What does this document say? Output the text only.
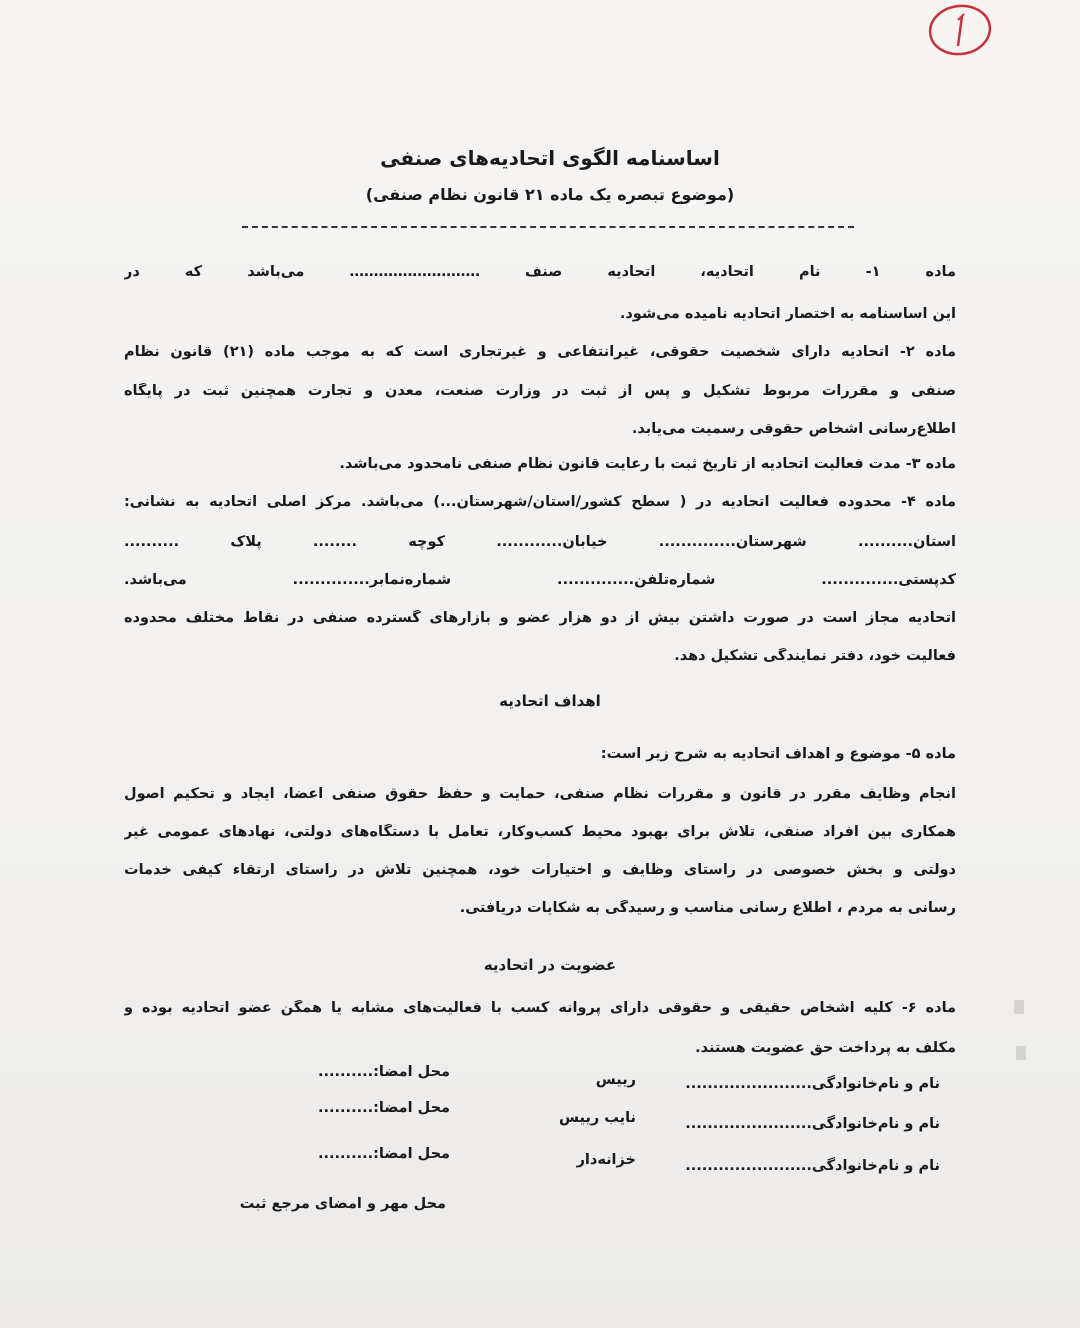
اساسنامه الگوی اتحادیه‌های صنفی
(موضوع تبصره یک ماده ۲۱ قانون نظام صنفی)
ماده ۱- نام اتحادیه، اتحادیه صنف ……………………… می‌باشد که در
این اساسنامه به اختصار اتحادیه نامیده می‌شود.
ماده ۲- اتحادیه دارای شخصیت حقوقی، غیرانتفاعی و غیرتجاری است که به موجب ماده (۲۱) قانون نظام
صنفی و مقررات مربوط تشکیل و پس از ثبت در وزارت صنعت، معدن و تجارت همچنین ثبت در پایگاه
اطلاع‌رسانی اشخاص حقوقی رسمیت می‌یابد.
ماده ۳- مدت فعالیت اتحادیه از تاریخ ثبت با رعایت قانون نظام صنفی نامحدود می‌باشد.
ماده ۴- محدوده فعالیت اتحادیه در ( سطح کشور/استان/شهرستان...) می‌باشد. مرکز اصلی اتحادیه به نشانی:
استان.......... شهرستان.............. خیابان............ کوچه ........ پلاک ..........
کدپستی.............. شماره‌تلفن.............. شماره‌نمابر.............. می‌باشد.
اتحادیه مجاز است در صورت داشتن بیش از دو هزار عضو و بازارهای گسترده صنفی در نقاط مختلف محدوده
فعالیت خود، دفتر نمایندگی تشکیل دهد.
اهداف اتحادیه
ماده ۵- موضوع و اهداف اتحادیه به شرح زیر است:
انجام وظایف مقرر در قانون و مقررات نظام صنفی، حمایت و حفظ حقوق صنفی اعضا، ایجاد و تحکیم اصول
همکاری بین افراد صنفی، تلاش برای بهبود محیط کسب‌وکار، تعامل با دستگاه‌های دولتی، نهادهای عمومی غیر
دولتی و بخش خصوصی در راستای وظایف و اختیارات خود، همچنین تلاش در راستای ارتقاء کیفی خدمات
رسانی به مردم ، اطلاع رسانی مناسب و رسیدگی به شکایات دریافتی.
عضویت در اتحادیه
ماده ۶- کلیه اشخاص حقیقی و حقوقی دارای پروانه کسب با فعالیت‌های مشابه یا همگن عضو اتحادیه بوده و
مکلف به پرداخت حق عضویت هستند.
نام و نام‌خانوادگی.......................
رییس
محل امضا:..........
نام و نام‌خانوادگی.......................
نایب رییس
محل امضا:..........
نام و نام‌خانوادگی.......................
خزانه‌دار
محل امضا:..........
محل مهر و امضای مرجع ثبت
